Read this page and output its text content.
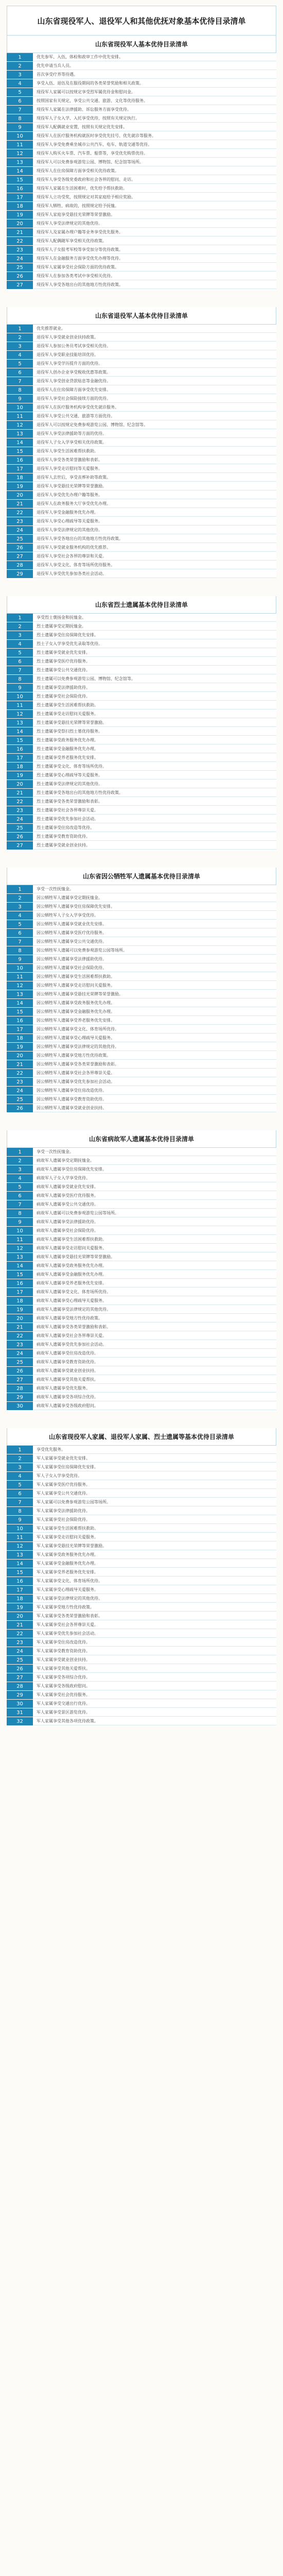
山东省现役军人、退役军人和其他优抚对象基本优待目录清单
山东省现役军人基本优待目录清单
1	优先参军、入伍，体检和政审工作中优先安排。
2	优先申请当兵人员。
3	首次享受疗养等待遇。
4	享受入伍、退伍及在服役期间的各类荣誉奖励和相关政策。
5	现役军人家属可以按规定享受烈军属优待金和慰问金。
6	按照国家有关规定，享受公共交通、旅游、文化等优待服务。
7	现役军人家属在法律援助、诉讼服务方面享受优待。
8	现役军人子女入学、入托享受优待，按照有关规定执行。
9	现役军人配偶就业安置，按照有关规定优先安排。
10	现役军人在医疗服务机构就医时享受优先挂号、优先就诊等服务。
11	现役军人享受免费乘坐城市公共汽车、电车、轨道交通等优待。
12	现役军人购买火车票、汽车票、船票等，享受优先购票优待。
13	现役军人可以免费参观游览公园、博物馆、纪念馆等场所。
14	现役军人在住房保障方面享受相关优待政策。
15	现役军人享受各级党委政府和社会各界的慰问、走访。
16	现役军人家属在生活困难时，优先给予帮扶救助。
17	现役军人立功受奖，按照规定对其家庭给予相应奖励。
18	现役军人牺牲、病故的，按照规定给予抚恤。
19	现役军人家庭享受悬挂光荣牌等荣誉激励。
20	现役军人享受法律规定的其他优待。
21	现役军人及家属办理户籍等业务享受优先服务。
22	现役军人配偶随军享受相关优待政策。
23	现役军人子女报考军校等享受加分等优待政策。
24	现役军人在金融服务方面享受优先办理等优待。
25	现役军人家属享受社会保险方面的优待政策。
26	现役军人在参加各类考试中享受相关优待。
27	现役军人享受各地出台的其他地方性优待政策。
山东省退役军人基本优待目录清单
1	优先推荐就业。
2	退役军人享受就业创业扶持政策。
3	退役军人参加公务员考试享受相关优待。
4	退役军人享受职业技能培训优待。
5	退役军人享受学历提升方面的优待。
6	退役军人创办企业享受税收优惠等政策。
7	退役军人享受创业贷款贴息等金融优待。
8	退役军人在住房保障方面享受优先安排。
9	退役军人享受社会保险接续方面的优待。
10	退役军人在医疗服务机构享受优先就诊服务。
11	退役军人享受公共交通、旅游等方面优待。
12	退役军人可以按规定免费参观游览公园、博物馆、纪念馆等。
13	退役军人享受法律援助等方面的优待。
14	退役军人子女入学享受相关优待政策。
15	退役军人享受生活困难帮扶救助。
16	退役军人享受各类荣誉激励和表彰。
17	退役军人享受走访慰问等关爱服务。
18	退役军人去世后，享受丧葬补助等政策。
19	退役军人享受悬挂光荣牌等荣誉激励。
20	退役军人享受优先办理户籍等服务。
21	退役军人在政务服务大厅享受优先办理。
22	退役军人享受金融服务优先办理。
23	退役军人享受心理疏导等关爱服务。
24	退役军人享受法律规定的其他优待。
25	退役军人享受各地出台的其他地方性优待政策。
26	退役军人享受就业服务机构的优先推荐。
27	退役军人享受社会各界的尊崇和关爱。
28	退役军人享受文化、体育等场所优待服务。
29	退役军人享受优先参加各类社会活动。
山东省烈士遗属基本优待目录清单
1	享受烈士褒扬金和抚恤金。
2	烈士遗属享受定期抚恤金。
3	烈士遗属享受住房保障优先安排。
4	烈士子女入学享受优先录取等优待。
5	烈士遗属享受就业优先安排。
6	烈士遗属享受医疗优待服务。
7	烈士遗属享受公共交通优待。
8	烈士遗属可以免费参观游览公园、博物馆、纪念馆等。
9	烈士遗属享受法律援助优待。
10	烈士遗属享受社会保险优待。
11	烈士遗属享受生活困难帮扶救助。
12	烈士遗属享受走访慰问关爱服务。
13	烈士遗属享受悬挂光荣牌等荣誉激励。
14	烈士遗属享受祭扫烈士墓优待服务。
15	烈士遗属享受政务服务优先办理。
16	烈士遗属享受金融服务优先办理。
17	烈士遗属享受养老服务优先安排。
18	烈士遗属享受文化、体育等场所优待。
19	烈士遗属享受心理疏导等关爱服务。
20	烈士遗属享受法律规定的其他优待。
21	烈士遗属享受各地出台的其他地方性优待政策。
22	烈士遗属享受各类荣誉激励和表彰。
23	烈士遗属享受社会各界尊崇关爱。
24	烈士遗属享受优先参加社会活动。
25	烈士遗属享受住房改造等优待。
26	烈士遗属享受教育资助优待。
27	烈士遗属享受就业创业扶持。
山东省因公牺牲军人遗属基本优待目录清单
1	享受一次性抚恤金。
2	因公牺牲军人遗属享受定期抚恤金。
3	因公牺牲军人遗属享受住房保障优先安排。
4	因公牺牲军人子女入学享受优待。
5	因公牺牲军人遗属享受就业优先安排。
6	因公牺牲军人遗属享受医疗优待服务。
7	因公牺牲军人遗属享受公共交通优待。
8	因公牺牲军人遗属可以免费参观游览公园等场所。
9	因公牺牲军人遗属享受法律援助优待。
10	因公牺牲军人遗属享受社会保险优待。
11	因公牺牲军人遗属享受生活困难帮扶救助。
12	因公牺牲军人遗属享受走访慰问关爱服务。
13	因公牺牲军人遗属享受悬挂光荣牌等荣誉激励。
14	因公牺牲军人遗属享受政务服务优先办理。
15	因公牺牲军人遗属享受金融服务优先办理。
16	因公牺牲军人遗属享受养老服务优先安排。
17	因公牺牲军人遗属享受文化、体育场所优待。
18	因公牺牲军人遗属享受心理疏导关爱服务。
19	因公牺牲军人遗属享受法律规定的其他优待。
20	因公牺牲军人遗属享受地方性优待政策。
21	因公牺牲军人遗属享受各类荣誉激励和表彰。
22	因公牺牲军人遗属享受社会各界尊崇关爱。
23	因公牺牲军人遗属享受优先参加社会活动。
24	因公牺牲军人遗属享受住房改造优待。
25	因公牺牲军人遗属享受教育资助优待。
26	因公牺牲军人遗属享受就业创业扶持。
山东省病故军人遗属基本优待目录清单
1	享受一次性抚恤金。
2	病故军人遗属享受定期抚恤金。
3	病故军人遗属享受住房保障优先安排。
4	病故军人子女入学享受优待。
5	病故军人遗属享受就业优先安排。
6	病故军人遗属享受医疗优待服务。
7	病故军人遗属享受公共交通优待。
8	病故军人遗属可以免费参观游览公园等场所。
9	病故军人遗属享受法律援助优待。
10	病故军人遗属享受社会保险优待。
11	病故军人遗属享受生活困难帮扶救助。
12	病故军人遗属享受走访慰问关爱服务。
13	病故军人遗属享受悬挂光荣牌等荣誉激励。
14	病故军人遗属享受政务服务优先办理。
15	病故军人遗属享受金融服务优先办理。
16	病故军人遗属享受养老服务优先安排。
17	病故军人遗属享受文化、体育场所优待。
18	病故军人遗属享受心理疏导关爱服务。
19	病故军人遗属享受法律规定的其他优待。
20	病故军人遗属享受地方性优待政策。
21	病故军人遗属享受各类荣誉激励和表彰。
22	病故军人遗属享受社会各界尊崇关爱。
23	病故军人遗属享受优先参加社会活动。
24	病故军人遗属享受住房改造优待。
25	病故军人遗属享受教育资助优待。
26	病故军人遗属享受就业创业扶持。
27	病故军人遗属享受其他关爱帮扶。
28	病故军人遗属享受优先服务。
29	病故军人遗属享受各项综合优待。
30	病故军人遗属享受各级政府慰问。
山东省现役军人家属、退役军人家属、烈士遗属等基本优待目录清单
1	享受优先服务。
2	军人家属享受就业优先安排。
3	军人家属享受住房保障优先安排。
4	军人子女入学享受优待。
5	军人家属享受医疗优待服务。
6	军人家属享受公共交通优待。
7	军人家属可以免费参观游览公园等场所。
8	军人家属享受法律援助优待。
9	军人家属享受社会保险优待。
10	军人家属享受生活困难帮扶救助。
11	军人家属享受走访慰问关爱服务。
12	军人家属享受悬挂光荣牌等荣誉激励。
13	军人家属享受政务服务优先办理。
14	军人家属享受金融服务优先办理。
15	军人家属享受养老服务优先安排。
16	军人家属享受文化、体育场所优待。
17	军人家属享受心理疏导关爱服务。
18	军人家属享受法律规定的其他优待。
19	军人家属享受地方性优待政策。
20	军人家属享受各类荣誉激励和表彰。
21	军人家属享受社会各界尊崇关爱。
22	军人家属享受优先参加社会活动。
23	军人家属享受住房改造优待。
24	军人家属享受教育资助优待。
25	军人家属享受就业创业扶持。
26	军人家属享受其他关爱帮扶。
27	军人家属享受各项综合优待。
28	军人家属享受各级政府慰问。
29	军人家属享受社会优待服务。
30	军人家属享受交通出行优待。
31	军人家属享受景区游览优待。
32	军人家属享受其他各项优待政策。
